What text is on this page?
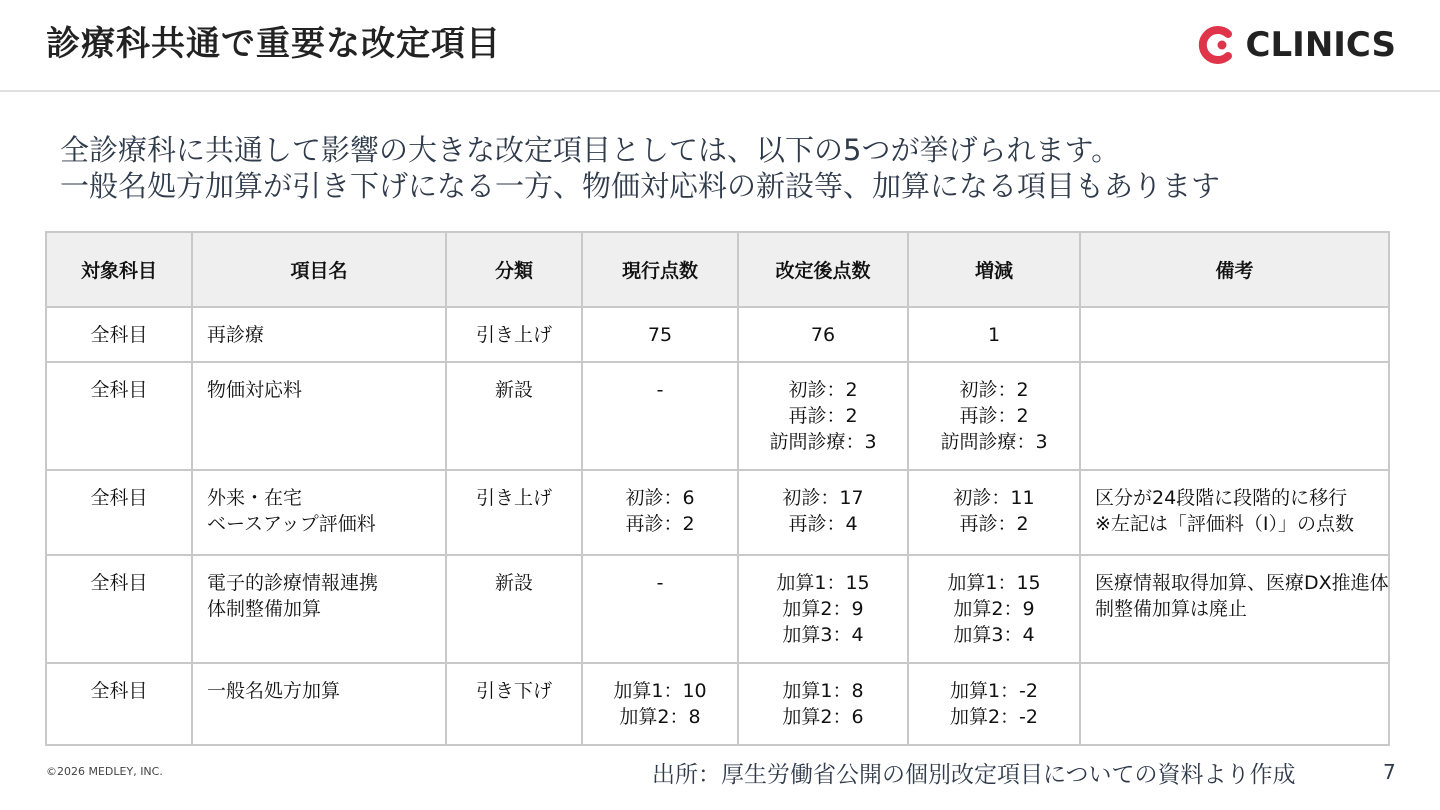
診療科共通で重要な改定項目	CLINICS
全診療科に共通して影響の大きな改定項目としては、以下の5つが挙げられます。
一般名処方加算が引き下げになる一方、物価対応料の新設等、加算になる項目もあります
対象科目	項目名	分類	現行点数	改定後点数	増減	備考
全科目	再診療	引き上げ	75	76	1	

全科目	物価対応料	新設	-	初診：2
再診：2
訪問診療：3	初診：2
再診：2
訪問診療：3	

全科目	外来・在宅
ベースアップ評価料	引き上げ	初診：6
再診：2	初診：17
再診：4	初診：11
再診：2	区分が24段階に段階的に移行
※左記は「評価料（Ⅰ）」の点数

全科目	電子的診療情報連携
体制整備加算	新設	-	加算1：15
加算2：9
加算3：4	加算1：15
加算2：9
加算3：4	医療情報取得加算、医療DX推進体
制整備加算は廃止

全科目	一般名処方加算	引き下げ	加算1：10
加算2：8	加算1：8
加算2：6	加算1：-2
加算2：-2	

©2026 MEDLEY, INC.	出所：厚生労働省公開の個別改定項目についての資料より作成	7
